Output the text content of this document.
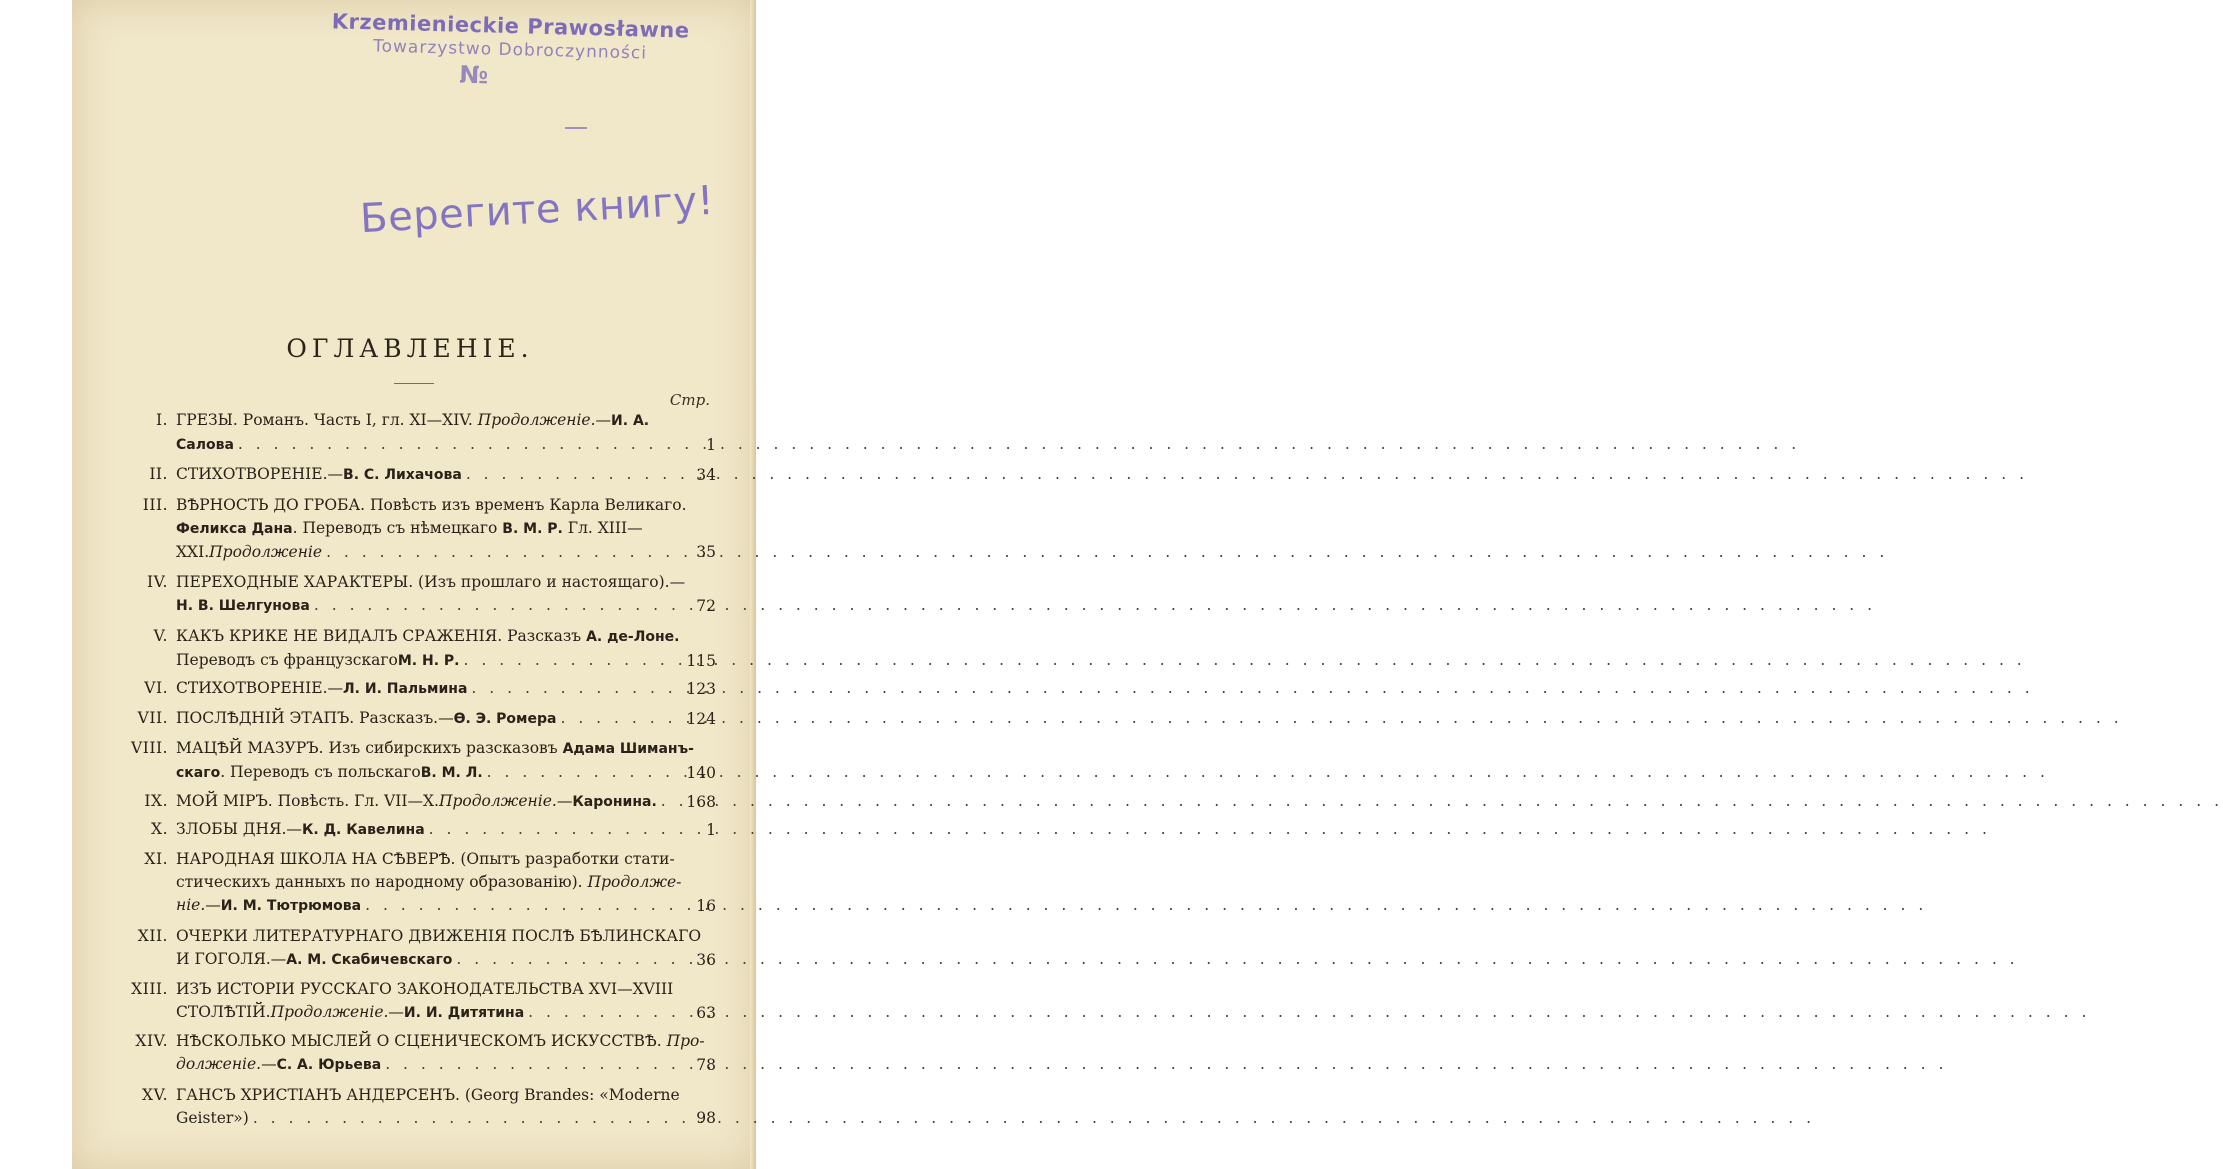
Krzemienieckie Prawosławne
Towarzystwo Dobroczynności
№
Берегите книгу!
ОГЛАВЛЕНІЕ.
Стр.
I. ГРЕЗЫ. Романъ. Часть I, гл. XI—XIV. Продолженіе.—И. А.
Салова . . .	1
II. СТИХОТВОРЕНІЕ.— В. С. Лихачова . . .	34
III. ВѢРНОСТЬ ДО ГРОБА. Повѣсть изъ временъ Карла Великаго.
Феликса Дана. Переводъ съ нѣмецкаго В. М. Р. Гл. XIII—
XXI. Продолженіе . . .	35
IV. ПЕРЕХОДНЫЕ ХАРАКТЕРЫ. (Изъ прошлаго и настоящаго).—
Н. В. Шелгунова . . .	72
V. КАКЪ КРИКЕ НЕ ВИДАЛЪ СРАЖЕНІЯ. Разсказъ А. де-Лоне.
Переводъ съ французскаго М. Н. Р. . . .	115
VI. СТИХОТВОРЕНІЕ.— Л. И. Пальмина . . .	123
VII. ПОСЛѢДНІЙ ЭТАПЪ. Разсказъ.— Ѳ. Э. Ромера . . .	124
VIII. МАЦѢЙ МАЗУРЪ. Изъ сибирскихъ разсказовъ Адама Шиманъ-
скаго . Переводъ съ польскаго В. М. Л. . . .	140
IX. МОЙ МІРЪ. Повѣсть. Гл. VII—X. Продолженіе. — Каронина. . . .	168
X. ЗЛОБЫ ДНЯ.— К. Д. Кавелина . . .	1
XI. НАРОДНАЯ ШКОЛА НА СѢВЕРѢ. (Опытъ разработки стати-
стическихъ данныхъ по народному образованію). Продолже-
ніе. — И. М. Тютрюмова . . .	16
XII. ОЧЕРКИ ЛИТЕРАТУРНАГО ДВИЖЕНІЯ ПОСЛѢ БѢЛИНСКАГО
И ГОГОЛЯ.— А. М. Скабичевскаго . . .	36
XIII. ИЗЪ ИСТОРІИ РУССКАГО ЗАКОНОДАТЕЛЬСТВА XVI—XVIII
СТОЛѢТІЙ. Продолженіе. — И. И. Дитятина . . .	63
XIV. НѢСКОЛЬКО МЫСЛЕЙ О СЦЕНИЧЕСКОМЪ ИСКУССТВѢ. Про-
долженіе. — С. А. Юрьева . . .	78
XV. ГАНСЪ ХРИСТІАНЪ АНДЕРСЕНЪ. (Georg Brandes: «Moderne
Geister») . . .	98
